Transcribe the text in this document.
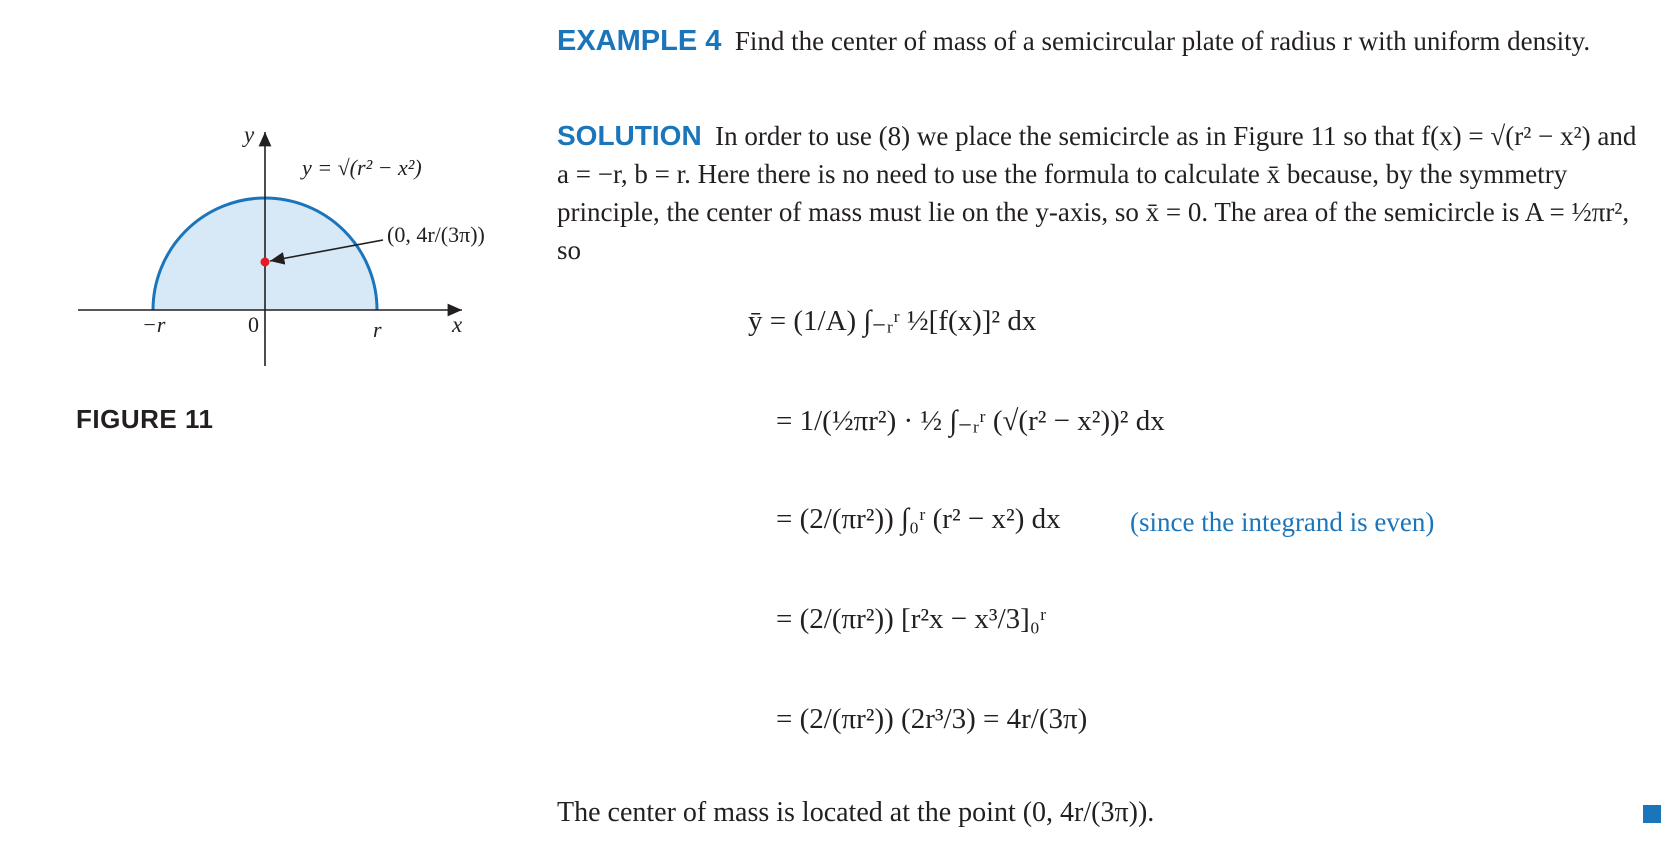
y
x
−r	0	r
y = √(r² − x²)
(0, 4r/(3π))
FIGURE 11

EXAMPLE 4 Find the center of mass of a semicircular plate of radius r with uniform density.

SOLUTION In order to use (8) we place the semicircle as in Figure 11 so that f(x) = √(r² − x²) and a = −r, b = r. Here there is no need to use the formula to calculate x̄ because, by the symmetry principle, the center of mass must lie on the y-axis, so x̄ = 0. The area of the semicircle is A = ½πr², so

ȳ = (1/A) ∫₋ᵣʳ ½[f(x)]² dx
= 1/(½πr²) · ½ ∫₋ᵣʳ (√(r² − x²))² dx
= (2/(πr²)) ∫₀ʳ (r² − x²) dx	(since the integrand is even)
= (2/(πr²)) [r²x − x³/3]₀ʳ
= (2/(πr²)) (2r³/3) = 4r/(3π)
The center of mass is located at the point (0, 4r/(3π)).
